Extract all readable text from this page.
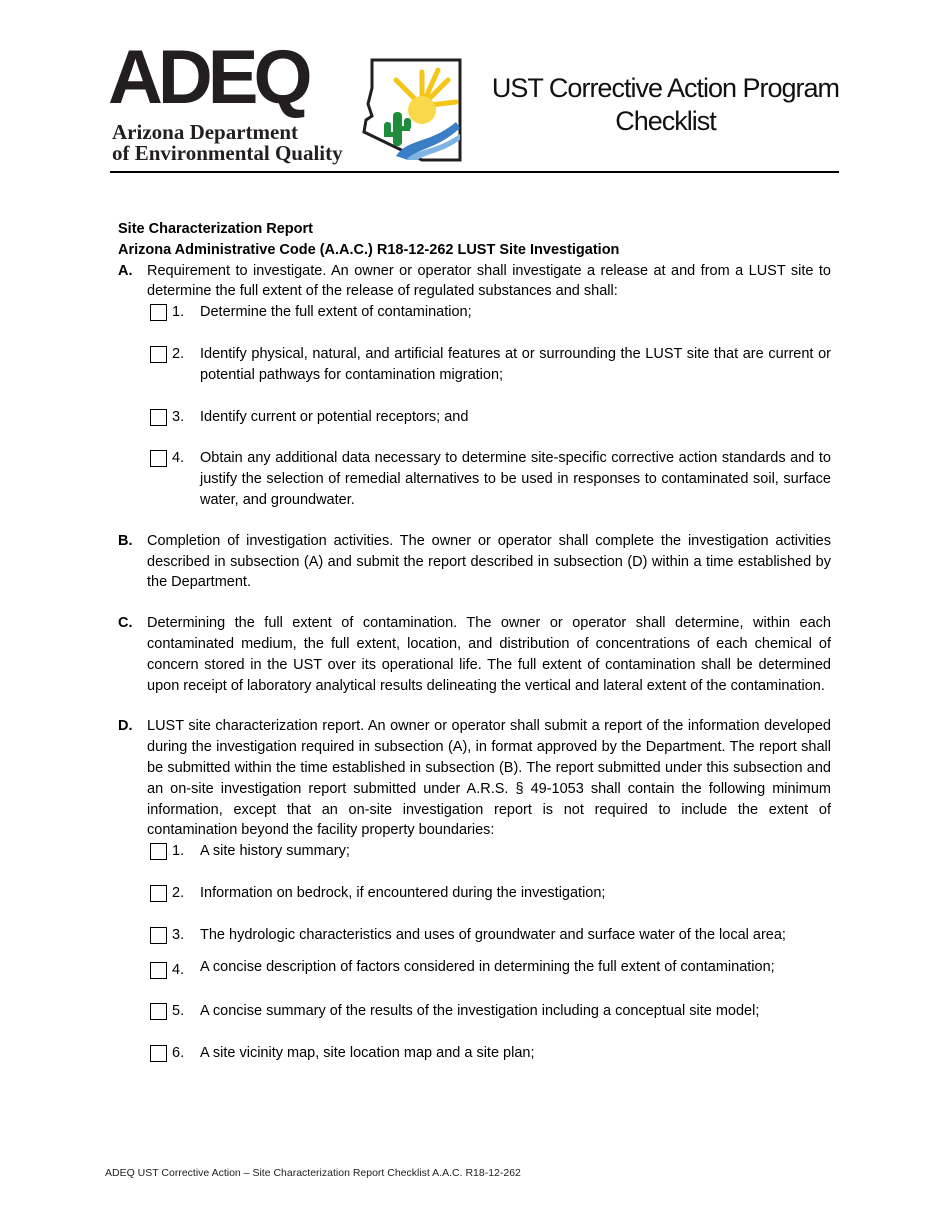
ADEQ
Arizona Department
of Environmental Quality
UST Corrective Action Program
Checklist
Site Characterization Report
Arizona Administrative Code (A.A.C.) R18-12-262 LUST Site Investigation
A.	Requirement to investigate. An owner or operator shall investigate a release at and from a LUST site to determine the full extent of the release of regulated substances and shall:
1.	Determine the full extent of contamination;
2.	Identify physical, natural, and artificial features at or surrounding the LUST site that are current or potential pathways for contamination migration;
3.	Identify current or potential receptors; and
4.	Obtain any additional data necessary to determine site-specific corrective action standards and to justify the selection of remedial alternatives to be used in responses to contaminated soil, surface water, and groundwater.
B.	Completion of investigation activities. The owner or operator shall complete the investigation activities described in subsection (A) and submit the report described in subsection (D) within a time established by the Department.
C.	Determining the full extent of contamination. The owner or operator shall determine, within each contaminated medium, the full extent, location, and distribution of concentrations of each chemical of concern stored in the UST over its operational life. The full extent of contamination shall be determined upon receipt of laboratory analytical results delineating the vertical and lateral extent of the contamination.
D.	LUST site characterization report. An owner or operator shall submit a report of the information developed during the investigation required in subsection (A), in format approved by the Department. The report shall be submitted within the time established in subsection (B). The report submitted under this subsection and an on-site investigation report submitted under A.R.S. § 49-1053 shall contain the following minimum information, except that an on-site investigation report is not required to include the extent of contamination beyond the facility property boundaries:
1.	A site history summary;
2.	Information on bedrock, if encountered during the investigation;
3.	The hydrologic characteristics and uses of groundwater and surface water of the local area;
4.	A concise description of factors considered in determining the full extent of contamination;
5.	A concise summary of the results of the investigation including a conceptual site model;
6.	A site vicinity map, site location map and a site plan;
ADEQ UST Corrective Action – Site Characterization Report Checklist A.A.C. R18-12-262
